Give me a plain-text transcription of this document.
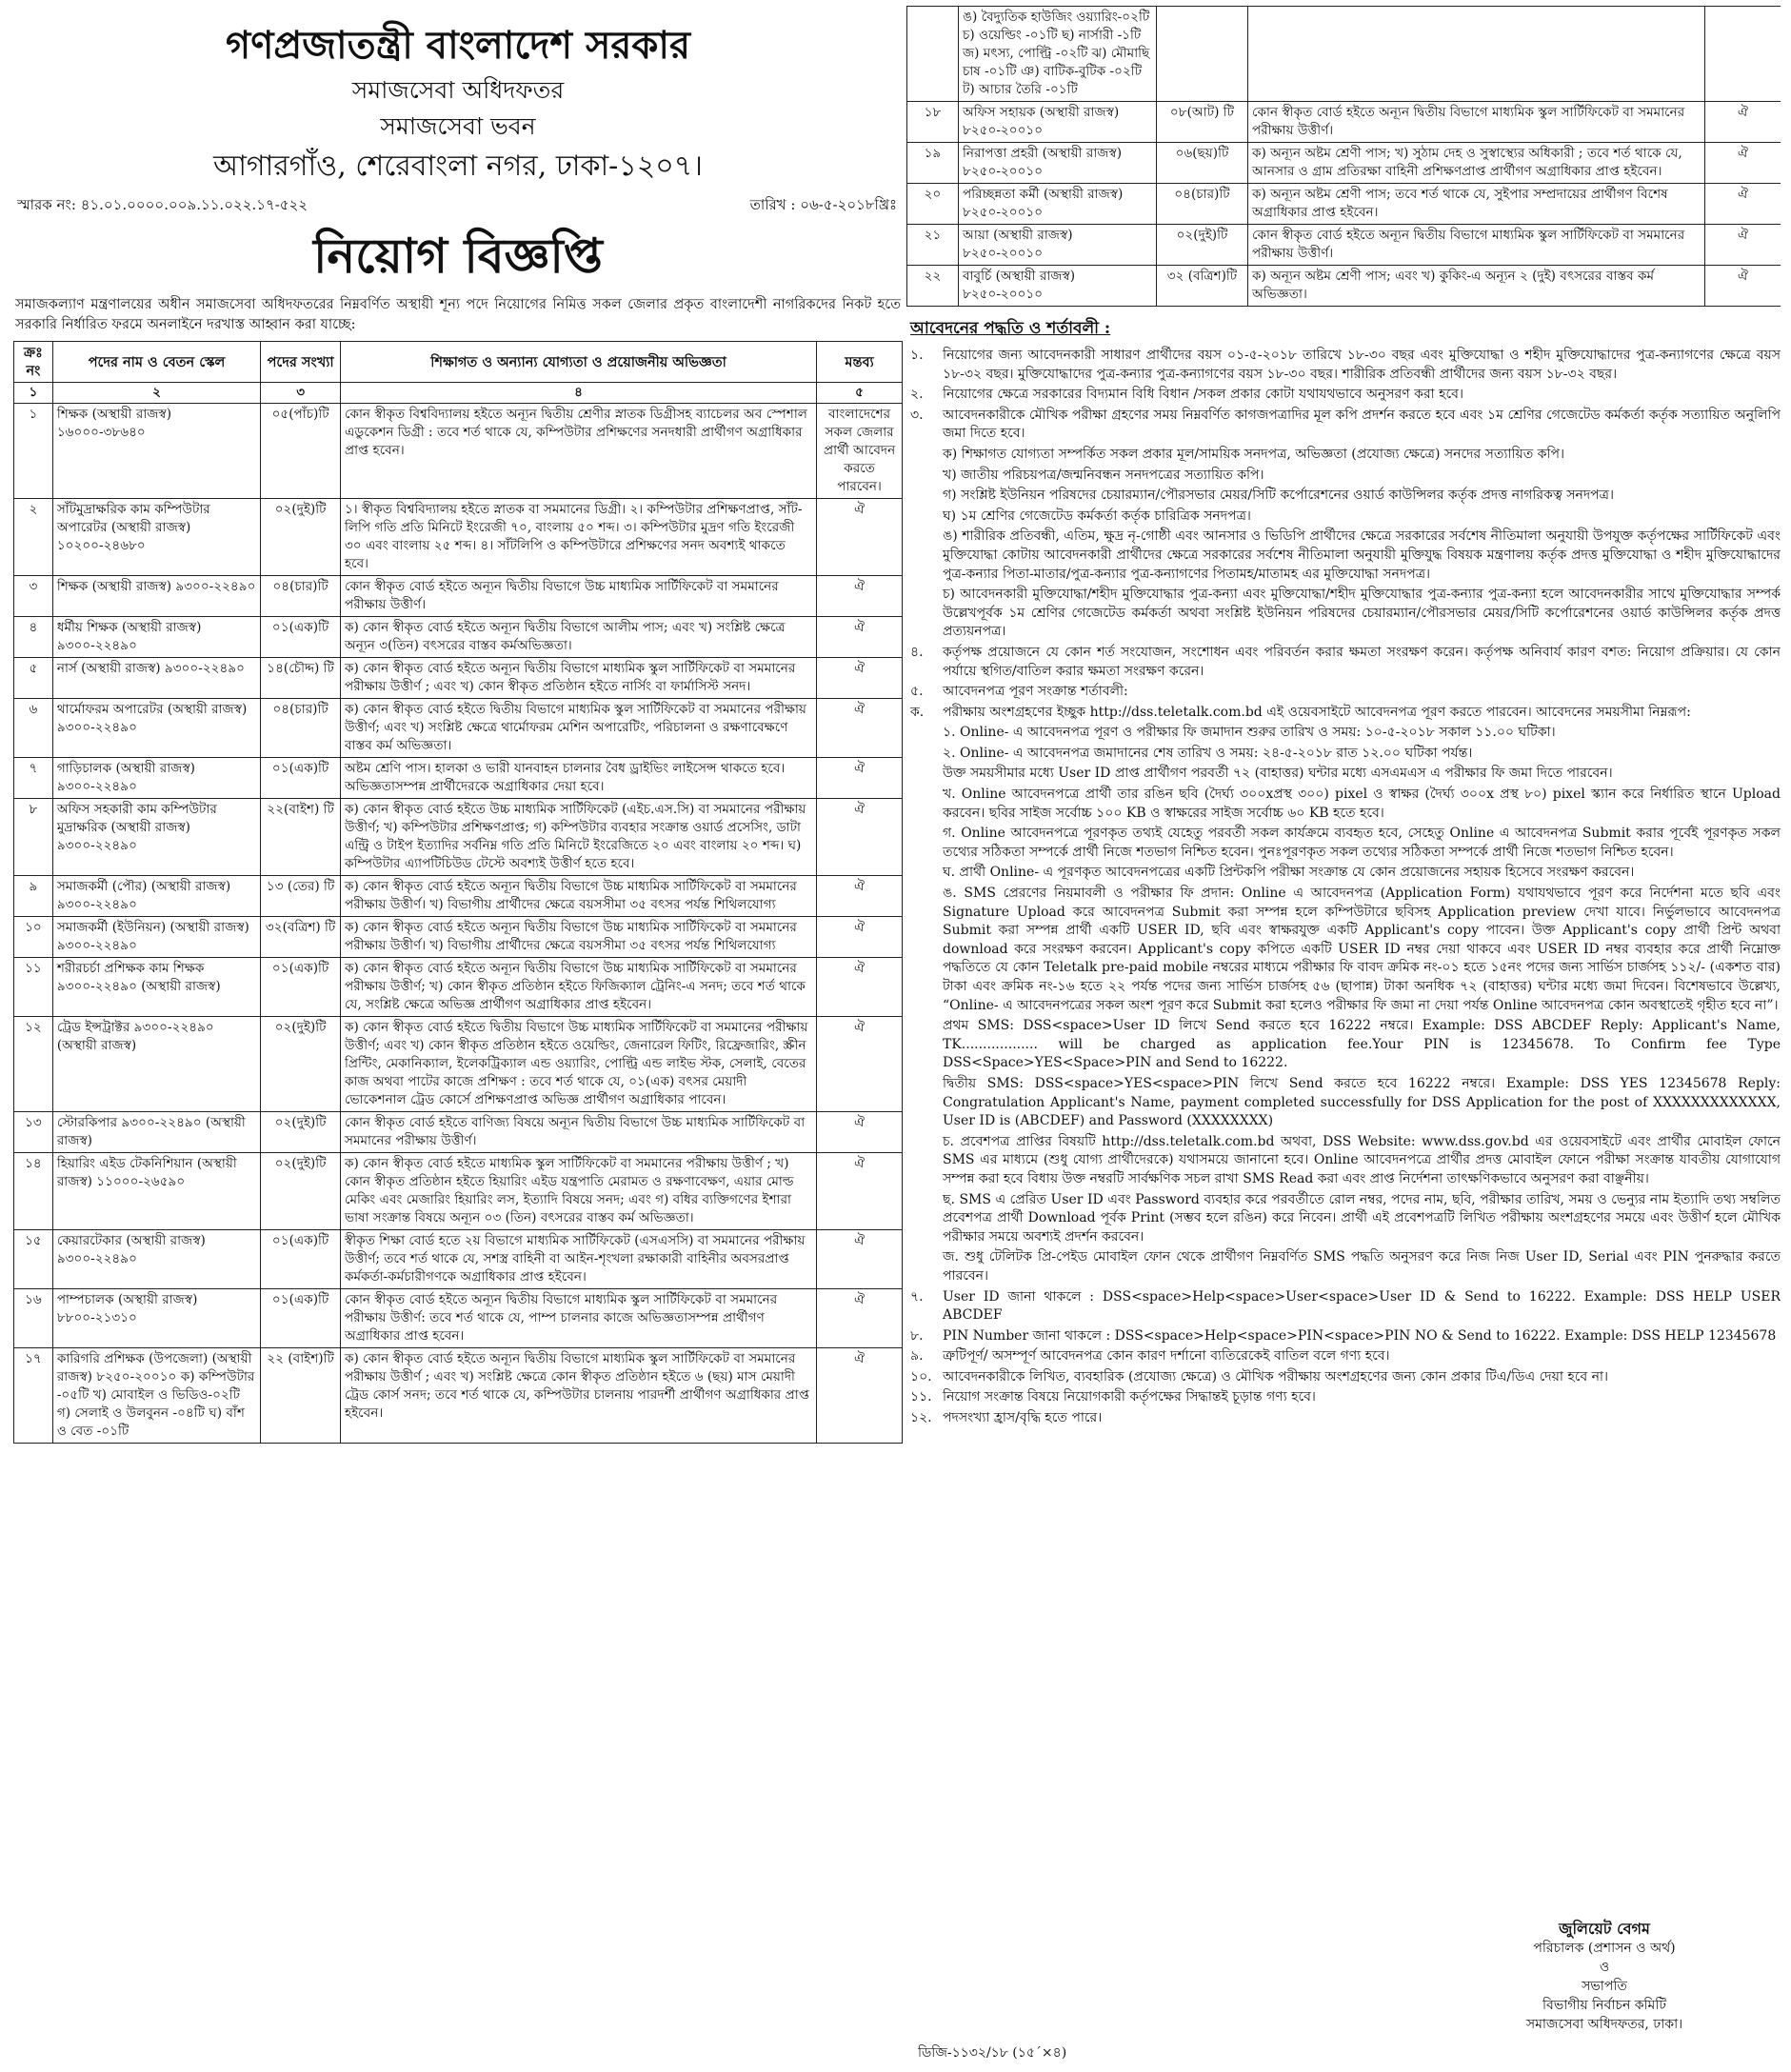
গণপ্রজাতন্ত্রী বাংলাদেশ সরকার
সমাজসেবা অধিদফতর
সমাজসেবা ভবন
আগারগাঁও, শেরেবাংলা নগর, ঢাকা-১২০৭।
স্মারক নং: ৪১.০১.০০০০.০০৯.১১.০২২.১৭-৫২২	তারিখ : ০৬-৫-২০১৮খ্রিঃ
নিয়োগ বিজ্ঞপ্তি
সমাজকল্যাণ মন্ত্রণালয়ের অধীন সমাজসেবা অধিদফতরের নিম্নবর্ণিত অস্থায়ী শূন্য পদে নিয়োগের নিমিত্ত সকল জেলার প্রকৃত বাংলাদেশী নাগরিকদের নিকট হতে সরকারি নির্ধারিত ফরমে অনলাইনে দরখাস্ত আহ্বান করা যাচ্ছে:
ক্রঃ নং	পদের নাম ও বেতন স্কেল	পদের সংখ্যা	শিক্ষাগত ও অন্যান্য যোগ্যতা ও প্রয়োজনীয় অভিজ্ঞতা	মন্তব্য
১	২	৩	৪	৫
১	শিক্ষক (অস্থায়ী রাজস্ব) ১৬০০০-৩৮৬৪০	০৫(পাঁচ)টি	কোন স্বীকৃত বিশ্ববিদ্যালয় হইতে অন্যূন দ্বিতীয় শ্রেণীর স্নাতক ডিগ্রীসহ ব্যাচেলর অব স্পেশাল এডুকেশন ডিগ্রী : তবে শর্ত থাকে যে, কম্পিউটার প্রশিক্ষণের সনদধারী প্রার্থীগণ অগ্রাধিকার প্রাপ্ত হবেন।	বাংলাদেশের সকল জেলার প্রার্থী আবেদন করতে পারবেন।
২	সাঁটমুদ্রাক্ষরিক কাম কম্পিউটার অপারেটর (অস্থায়ী রাজস্ব) ১০২০০-২৪৬৮০	০২(দুই)টি	১। স্বীকৃত বিশ্ববিদ্যালয় হইতে স্নাতক বা সমমানের ডিগ্রী। ২। কম্পিউটার প্রশিক্ষণপ্রাপ্ত, সাঁট-লিপি গতি প্রতি মিনিটে ইংরেজী ৭০, বাংলায় ৫০ শব্দ। ৩। কম্পিউটার মুদ্রণ গতি ইংরেজী ৩০ এবং বাংলায় ২৫ শব্দ। ৪। সাঁটলিপি ও কম্পিউটারে প্রশিক্ষণের সনদ অবশ্যই থাকতে হবে।	ঐ
৩	শিক্ষক (অস্থায়ী রাজস্ব) ৯৩০০-২২৪৯০	০৪(চার)টি	কোন স্বীকৃত বোর্ড হইতে অন্যূন দ্বিতীয় বিভাগে উচ্চ মাধ্যমিক সার্টিফিকেট বা সমমানের পরীক্ষায় উত্তীর্ণ।	ঐ
৪	ধর্মীয় শিক্ষক (অস্থায়ী রাজস্ব) ৯৩০০-২২৪৯০	০১(এক)টি	ক) কোন স্বীকৃত বোর্ড হইতে অন্যূন দ্বিতীয় বিভাগে আলীম পাস; এবং খ) সংশ্লিষ্ট ক্ষেত্রে অন্যূন ৩(তিন) বৎসরের বাস্তব কর্মঅভিজ্ঞতা।	ঐ
৫	নার্স (অস্থায়ী রাজস্ব) ৯৩০০-২২৪৯০	১৪(চৌদ্দ) টি	ক) কোন স্বীকৃত বোর্ড হইতে অন্যূন দ্বিতীয় বিভাগে মাধ্যমিক স্কুল সার্টিফিকেট বা সমমানের পরীক্ষায় উত্তীর্ণ ; এবং খ) কোন স্বীকৃত প্রতিষ্ঠান হইতে নার্সিং বা ফার্মাসিস্ট সনদ।	ঐ
৬	থার্মোফরম অপারেটর (অস্থায়ী রাজস্ব) ৯৩০০-২২৪৯০	০৪(চার)টি	ক) কোন স্বীকৃত বোর্ড হইতে দ্বিতীয় বিভাগে মাধ্যমিক স্কুল সার্টিফিকেট বা সমমানের পরীক্ষায় উত্তীর্ণ; এবং খ) সংশ্লিষ্ট ক্ষেত্রে থার্মোফরম মেশিন অপারেটিং, পরিচালনা ও রক্ষণাবেক্ষণে বাস্তব কর্ম অভিজ্ঞতা।	ঐ
৭	গাড়িচালক (অস্থায়ী রাজস্ব) ৯৩০০-২২৪৯০	০১(এক)টি	অষ্টম শ্রেণি পাস। হালকা ও ভারী যানবাহন চালনার বৈধ ড্রাইভিং লাইসেন্স থাকতে হবে। অভিজ্ঞতাসম্পন্ন প্রার্থীদেরকে অগ্রাধিকার দেয়া হবে।	ঐ
৮	অফিস সহকারী কাম কম্পিউটার মুদ্রাক্ষরিক (অস্থায়ী রাজস্ব) ৯৩০০-২২৪৯০	২২(বাইশ) টি	ক) কোন স্বীকৃত বোর্ড হইতে উচ্চ মাধ্যমিক সার্টিফিকেট (এইচ.এস.সি) বা সমমানের পরীক্ষায় উত্তীর্ণ; খ) কম্পিউটার প্রশিক্ষণপ্রাপ্ত; গ) কম্পিউটার ব্যবহার সংক্রান্ত ওয়ার্ড প্রসেসিং, ডাটা এন্ট্রি ও টাইপ ইত্যাদির সর্বনিম্ন গতি প্রতি মিনিটে ইংরেজিতে ২০ এবং বাংলায় ২০ শব্দ। ঘ) কম্পিউটার এ্যাপটিচিউড টেস্টে অবশ্যই উত্তীর্ণ হতে হবে।	ঐ
৯	সমাজকর্মী (পৌর) (অস্থায়ী রাজস্ব) ৯৩০০-২২৪৯০	১৩ (তের) টি	ক) কোন স্বীকৃত বোর্ড হইতে অন্যূন দ্বিতীয় বিভাগে উচ্চ মাধ্যমিক সার্টিফিকেট বা সমমানের পরীক্ষায় উত্তীর্ণ। খ) বিভাগীয় প্রার্থীদের ক্ষেত্রে বয়সসীমা ৩৫ বৎসর পর্যন্ত শিথিলযোগ্য	ঐ
১০	সমাজকর্মী (ইউনিয়ন) (অস্থায়ী রাজস্ব) ৯৩০০-২২৪৯০	৩২(বত্রিশ) টি	ক) কোন স্বীকৃত বোর্ড হইতে অন্যূন দ্বিতীয় বিভাগে উচ্চ মাধ্যমিক সার্টিফিকেট বা সমমানের পরীক্ষায় উত্তীর্ণ। খ) বিভাগীয় প্রার্থীদের ক্ষেত্রে বয়সসীমা ৩৫ বৎসর পর্যন্ত শিথিলযোগ্য	ঐ
১১	শরীরচর্চা প্রশিক্ষক কাম শিক্ষক ৯৩০০-২২৪৯০ (অস্থায়ী রাজস্ব)	০১(এক)টি	ক) কোন স্বীকৃত বোর্ড হইতে অন্যূন দ্বিতীয় বিভাগে উচ্চ মাধ্যমিক সার্টিফিকেট বা সমমানের পরীক্ষায় উত্তীর্ণ; খ) কোন স্বীকৃত প্রতিষ্ঠান হইতে ফিজিক্যাল ট্রেনিং-এ সনদ; তবে শর্ত থাকে যে, সংশ্লিষ্ট ক্ষেত্রে অভিজ্ঞ প্রার্থীগণ অগ্রাধিকার প্রাপ্ত হইবেন।	ঐ
১২	ট্রেড ইন্সট্রাক্টর ৯৩০০-২২৪৯০ (অস্থায়ী রাজস্ব)	০২(দুই)টি	ক) কোন স্বীকৃত বোর্ড হইতে দ্বিতীয় বিভাগে উচ্চ মাধ্যমিক সার্টিফিকেট বা সমমানের পরীক্ষায় উত্তীর্ণ; এবং খ) কোন স্বীকৃত প্রতিষ্ঠান হইতে ওয়েল্ডিং, জেনারেল ফিটিং, রিফ্রেজারিং, স্ক্রীন প্রিন্টিং, মেকানিক্যাল, ইলেকট্রিক্যাল এন্ড ওয়্যারিং, পোল্ট্রি এন্ড লাইভ স্টক, সেলাই, বেতের কাজ অথবা পাটের কাজে প্রশিক্ষণ : তবে শর্ত থাকে যে, ০১(এক) বৎসর মেয়াদী ভোকেশনাল ট্রেড কোর্সে প্রশিক্ষণপ্রাপ্ত অভিজ্ঞ প্রার্থীগণ অগ্রাধিকার পাবেন।	ঐ
১৩	স্টোরকিপার ৯৩০০-২২৪৯০ (অস্থায়ী রাজস্ব)	০২(দুই)টি	কোন স্বীকৃত বোর্ড হইতে বাণিজ্য বিষয়ে অন্যূন দ্বিতীয় বিভাগে উচ্চ মাধ্যমিক সার্টিফিকেট বা সমমানের পরীক্ষায় উত্তীর্ণ।	ঐ
১৪	হিয়ারিং এইড টেকনিশিয়ান (অস্থায়ী রাজস্ব) ১১০০০-২৬৫৯০	০২(দুই)টি	ক) কোন স্বীকৃত বোর্ড হইতে মাধ্যমিক স্কুল সার্টিফিকেট বা সমমানের পরীক্ষায় উত্তীর্ণ ; খ) কোন স্বীকৃত প্রতিষ্ঠান হইতে হিয়ারিং এইড যন্ত্রপাতি মেরামত ও রক্ষণাবেক্ষণ, এয়ার মোল্ড মেকিং এবং মেজারিং হিয়ারিং লস, ইত্যাদি বিষয়ে সনদ; এবং গ) বধির ব্যক্তিগণের ইশারা ভাষা সংক্রান্ত বিষয়ে অন্যূন ০৩ (তিন) বৎসরের বাস্তব কর্ম অভিজ্ঞতা।	ঐ
১৫	কেয়ারটেকার (অস্থায়ী রাজস্ব) ৯৩০০-২২৪৯০	০১(এক)টি	স্বীকৃত শিক্ষা বোর্ড হতে ২য় বিভাগে মাধ্যমিক সার্টিফিকেট (এসএসসি) বা সমমানের পরীক্ষায় উত্তীর্ণ; তবে শর্ত থাকে যে, সশস্ত্র বাহিনী বা আইন-শৃংখলা রক্ষাকারী বাহিনীর অবসরপ্রাপ্ত কর্মকর্তা-কর্মচারীগণকে অগ্রাধিকার প্রাপ্ত হইবেন।	ঐ
১৬	পাম্পচালক (অস্থায়ী রাজস্ব) ৮৮০০-২১৩১০	০১(এক)টি	কোন স্বীকৃত বোর্ড হইতে অন্যূন দ্বিতীয় বিভাগে মাধ্যমিক স্কুল সার্টিফিকেট বা সমমানের পরীক্ষায় উত্তীর্ণ: তবে শর্ত থাকে যে, পাম্প চালনার কাজে অভিজ্ঞতাসম্পন্ন প্রার্থীগণ অগ্রাধিকার প্রাপ্ত হবেন।	ঐ
১৭	কারিগরি প্রশিক্ষক (উপজেলা) (অস্থায়ী রাজস্ব) ৮২৫০-২০০১০ ক) কম্পিউটার -০৫টি খ) মোবাইল ও ভিডিও-০২টি গ) সেলাই ও উলবুনন -০৪টি ঘ) বাঁশ ও বেত -০১টি	২২ (বাইশ)টি	ক) কোন স্বীকৃত বোর্ড হইতে অন্যূন দ্বিতীয় বিভাগে মাধ্যমিক স্কুল সার্টিফিকেট বা সমমানের পরীক্ষায় উত্তীর্ণ ; এবং খ) সংশ্লিষ্ট ক্ষেত্রে কোন স্বীকৃত প্রতিষ্ঠান হইতে ৬ (ছয়) মাস মেয়াদী ট্রেড কোর্স সনদ; তবে শর্ত থাকে যে, কম্পিউটার চালনায় পারদর্শী প্রার্থীগণ অগ্রাধিকার প্রাপ্ত হইবেন।	ঐ
	ঙ) বৈদ্যুতিক হাউজিং ওয়্যারিং-০২টি চ) ওয়েল্ডিং -০১টি ছ) নার্সারী -১টি জ) মৎস্য, পোল্ট্রি -০২টি ঝ) মৌমাছি চাষ -০১টি ঞ) বাটিক-বুটিক -০২টি ট) আচার তৈরি -০১টি			
১৮	অফিস সহায়ক (অস্থায়ী রাজস্ব) ৮২৫০-২০০১০	০৮(আট) টি	কোন স্বীকৃত বোর্ড হইতে অন্যূন দ্বিতীয় বিভাগে মাধ্যমিক স্কুল সার্টিফিকেট বা সমমানের পরীক্ষায় উত্তীর্ণ।	ঐ
১৯	নিরাপত্তা প্রহরী (অস্থায়ী রাজস্ব) ৮২৫০-২০০১০	০৬(ছয়)টি	ক) অন্যূন অষ্টম শ্রেণী পাস; খ) সুঠাম দেহ ও সুস্বাস্থ্যের অধিকারী ; তবে শর্ত থাকে যে, আনসার ও গ্রাম প্রতিরক্ষা বাহিনী প্রশিক্ষণপ্রাপ্ত প্রার্থীগণ অগ্রাধিকার প্রাপ্ত হইবেন।	ঐ
২০	পরিচ্ছন্নতা কর্মী (অস্থায়ী রাজস্ব) ৮২৫০-২০০১০	০৪(চার)টি	ক) অন্যূন অষ্টম শ্রেণী পাস; তবে শর্ত থাকে যে, সুইপার সম্প্রদায়ের প্রার্থীগণ বিশেষ অগ্রাধিকার প্রাপ্ত হইবেন।	ঐ
২১	আয়া (অস্থায়ী রাজস্ব) ৮২৫০-২০০১০	০২(দুই)টি	কোন স্বীকৃত বোর্ড হইতে অন্যূন দ্বিতীয় বিভাগে মাধ্যমিক স্কুল সার্টিফিকেট বা সমমানের পরীক্ষায় উত্তীর্ণ।	ঐ
২২	বাবুর্চি (অস্থায়ী রাজস্ব) ৮২৫০-২০০১০	৩২ (বত্রিশ)টি	ক) অন্যূন অষ্টম শ্রেণী পাস; এবং খ) কুকিং-এ অন্যূন ২ (দুই) বৎসরের বাস্তব কর্ম অভিজ্ঞতা।	ঐ
আবেদনের পদ্ধতি ও শর্তাবলী :
১.	নিয়োগের জন্য আবেদনকারী সাধারণ প্রার্থীদের বয়স ০১-৫-২০১৮ তারিখে ১৮-৩০ বছর এবং মুক্তিযোদ্ধা ও শহীদ মুক্তিযোদ্ধাদের পুত্র-কন্যাগণের ক্ষেত্রে বয়স ১৮-৩২ বছর। মুক্তিযোদ্ধাদের পুত্র-কন্যার পুত্র-কন্যাগণের বয়স ১৮-৩০ বছর। শারীরিক প্রতিবন্ধী প্রার্থীদের জন্য বয়স ১৮-৩২ বছর।
২.	নিয়োগের ক্ষেত্রে সরকারের বিদ্যমান বিধি বিধান /সকল প্রকার কোটা যথাযথভাবে অনুসরণ করা হবে।
৩.	আবেদনকারীকে মৌখিক পরীক্ষা গ্রহণের সময় নিম্নবর্ণিত কাগজপত্রাদির মূল কপি প্রদর্শন করতে হবে এবং ১ম শ্রেণির গেজেটেড কর্মকর্তা কর্তৃক সত্যায়িত অনুলিপি জমা দিতে হবে।
ক) শিক্ষাগত যোগ্যতা সম্পর্কিত সকল প্রকার মূল/সাময়িক সনদপত্র, অভিজ্ঞতা (প্রযোজ্য ক্ষেত্রে) সনদের সত্যায়িত কপি।
খ) জাতীয় পরিচয়পত্র/জন্মনিবন্ধন সনদপত্রের সত্যায়িত কপি।
গ) সংশ্লিষ্ট ইউনিয়ন পরিষদের চেয়ারম্যান/পৌরসভার মেয়র/সিটি কর্পোরেশনের ওয়ার্ড কাউন্সিলর কর্তৃক প্রদত্ত নাগরিকত্ব সনদপত্র।
ঘ) ১ম শ্রেণির গেজেটেড কর্মকর্তা কর্তৃক চারিত্রিক সনদপত্র।
ঙ) শারীরিক প্রতিবন্ধী, এতিম, ক্ষুদ্র নৃ-গোষ্ঠী এবং আনসার ও ভিডিপি প্রার্থীদের ক্ষেত্রে সরকারের সর্বশেষ নীতিমালা অনুযায়ী উপযুক্ত কর্তৃপক্ষের সার্টিফিকেট এবং মুক্তিযোদ্ধা কোটায় আবেদনকারী প্রার্থীদের ক্ষেত্রে সরকারের সর্বশেষ নীতিমালা অনুযায়ী মুক্তিযুদ্ধ বিষয়ক মন্ত্রণালয় কর্তৃক প্রদত্ত মুক্তিযোদ্ধা ও শহীদ মুক্তিযোদ্ধাদের পুত্র-কন্যার পিতা-মাতার/পুত্র-কন্যার পুত্র-কন্যাগণের পিতামহ/মাতামহ এর মুক্তিযোদ্ধা সনদপত্র।
চ) আবেদনকারী মুক্তিযোদ্ধা/শহীদ মুক্তিযোদ্ধার পুত্র-কন্যা এবং মুক্তিযোদ্ধা/শহীদ মুক্তিযোদ্ধার পুত্র-কন্যার পুত্র-কন্যা হলে আবেদনকারীর সাথে মুক্তিযোদ্ধার সম্পর্ক উল্লেখপূর্বক ১ম শ্রেণির গেজেটেড কর্মকর্তা অথবা সংশ্লিষ্ট ইউনিয়ন পরিষদের চেয়ারম্যান/পৌরসভার মেয়র/সিটি কর্পোরেশনের ওয়ার্ড কাউন্সিলর কর্তৃক প্রদত্ত প্রত্যয়নপত্র।
৪.	কর্তৃপক্ষ প্রয়োজনে যে কোন শর্ত সংযোজন, সংশোধন এবং পরিবর্তন করার ক্ষমতা সংরক্ষণ করেন। কর্তৃপক্ষ অনিবার্য কারণ বশত: নিয়োগ প্রক্রিয়ার। যে কোন পর্যায়ে স্থগিত/বাতিল করার ক্ষমতা সংরক্ষণ করেন।
৫.	আবেদনপত্র পূরণ সংক্রান্ত শর্তাবলী:
ক.	পরীক্ষায় অংশগ্রহণের ইচ্ছুক http://dss.teletalk.com.bd এই ওয়েবসাইটে আবেদনপত্র পূরণ করতে পারবেন। আবেদনের সময়সীমা নিম্নরূপ:
১. Online- এ আবেদনপত্র পূরণ ও পরীক্ষার ফি জমাদান শুরুর তারিখ ও সময়: ১০-৫-২০১৮ সকাল ১১.০০ ঘটিকা।
২. Online- এ আবেদনপত্র জমাদানের শেষ তারিখ ও সময়: ২৪-৫-২০১৮ রাত ১২.০০ ঘটিকা পর্যন্ত।
উক্ত সময়সীমার মধ্যে User ID প্রাপ্ত প্রার্থীগণ পরবর্তী ৭২ (বাহাত্তর) ঘন্টার মধ্যে এসএমএস এ পরীক্ষার ফি জমা দিতে পারবেন।
খ. Online আবেদনপত্রে প্রার্থী তার রঙিন ছবি (দৈর্ঘ্য ৩০০xপ্রস্থ ৩০০) pixel ও স্বাক্ষর (দৈর্ঘ্য ৩০০x প্রস্থ ৮০) pixel স্ক্যান করে নির্ধারিত স্থানে Upload করবেন। ছবির সাইজ সর্বোচ্চ ১০০ KB ও স্বাক্ষরের সাইজ সর্বোচ্চ ৬০ KB হতে হবে।
গ. Online আবেদনপত্রে পূরণকৃত তথ্যই যেহেতু পরবর্তী সকল কার্যক্রমে ব্যবহৃত হবে, সেহেতু Online এ আবেদনপত্র Submit করার পূর্বেই পূরণকৃত সকল তথ্যের সঠিকতা সম্পর্কে প্রার্থী নিজে শতভাগ নিশ্চিত হবেন। পুনঃপূরণকৃত সকল তথ্যের সঠিকতা সম্পর্কে প্রার্থী নিজে শতভাগ নিশ্চিত হবেন।
ঘ. প্রার্থী Online- এ পূরণকৃত আবেদনপত্রের একটি প্রিন্টকপি পরীক্ষা সংক্রান্ত যে কোন প্রয়োজনের সহায়ক হিসেবে সংরক্ষণ করবেন।
ঙ. SMS প্রেরণের নিয়মাবলী ও পরীক্ষার ফি প্রদান: Online এ আবেদনপত্র (Application Form) যথাযথভাবে পূরণ করে নির্দেশনা মতে ছবি এবং Signature Upload করে আবেদনপত্র Submit করা সম্পন্ন হলে কম্পিউটারে ছবিসহ Application preview দেখা যাবে। নির্ভুলভাবে আবেদনপত্র Submit করা সম্পন্ন প্রার্থী একটি USER ID, ছবি এবং স্বাক্ষরযুক্ত একটি Applicant's copy পাবেন। উক্ত Applicant's copy প্রার্থী প্রিন্ট অথবা download করে সংরক্ষণ করবেন। Applicant's copy কপিতে একটি USER ID নম্বর দেয়া থাকবে এবং USER ID নম্বর ব্যবহার করে প্রার্থী নিম্নোক্ত পদ্ধতিতে যে কোন Teletalk pre-paid mobile নম্বরের মাধ্যমে পরীক্ষার ফি বাবদ ক্রমিক নং-০১ হতে ১৫নং পদের জন্য সার্ভিস চার্জসহ ১১২/- (একশত বার) টাকা এবং ক্রমিক নং-১৬ হতে ২২ পর্যন্ত পদের জন্য সার্ভিস চার্জসহ ৫৬ (ছাপান্ন) টাকা অনধিক ৭২ (বাহাত্তর) ঘন্টার মধ্যে জমা দিবেন। বিশেষভাবে উল্লেখ্য, “Online- এ আবেদনপত্রের সকল অংশ পূরণ করে Submit করা হলেও পরীক্ষার ফি জমা না দেয়া পর্যন্ত Online আবেদনপত্র কোন অবস্থাতেই গৃহীত হবে না”।
প্রথম SMS: DSS<space>User ID লিখে Send করতে হবে 16222 নম্বরে। Example: DSS ABCDEF Reply: Applicant's Name, TK.................. will be charged as application fee.Your PIN is 12345678. To Confirm fee Type DSS<Space>YES<Space>PIN and Send to 16222.
দ্বিতীয় SMS: DSS<space>YES<space>PIN লিখে Send করতে হবে 16222 নম্বরে। Example: DSS YES 12345678 Reply: Congratulation Applicant's Name, payment completed successfully for DSS Application for the post of XXXXXXXXXXXXX, User ID is (ABCDEF) and Password (XXXXXXXX)
চ. প্রবেশপত্র প্রাপ্তির বিষয়টি http://dss.teletalk.com.bd অথবা, DSS Website: www.dss.gov.bd এর ওয়েবসাইটে এবং প্রার্থীর মোবাইল ফোনে SMS এর মাধ্যমে (শুধু যোগ্য প্রার্থীদেরকে) যথাসময়ে জানানো হবে। Online আবেদনপত্রে প্রার্থীর প্রদত্ত মোবাইল ফোনে পরীক্ষা সংক্রান্ত যাবতীয় যোগাযোগ সম্পন্ন করা হবে বিধায় উক্ত নম্বরটি সার্বক্ষণিক সচল রাখা SMS Read করা এবং প্রাপ্ত নির্দেশনা তাৎক্ষণিকভাবে অনুসরণ করা বাঞ্ছনীয়।
ছ. SMS এ প্রেরিত User ID এবং Password ব্যবহার করে পরবর্তীতে রোল নম্বর, পদের নাম, ছবি, পরীক্ষার তারিখ, সময় ও ভেন্যুর নাম ইত্যাদি তথ্য সম্বলিত প্রবেশপত্র প্রার্থী Download পূর্বক Print (সম্ভব হলে রঙিন) করে নিবেন। প্রার্থী এই প্রবেশপত্রটি লিখিত পরীক্ষায় অংশগ্রহণের সময়ে এবং উত্তীর্ণ হলে মৌখিক পরীক্ষার সময়ে অবশ্যই প্রদর্শন করবেন।
জ. শুধু টেলিটক প্রি-পেইড মোবাইল ফোন থেকে প্রার্থীগণ নিম্নবর্ণিত SMS পদ্ধতি অনুসরণ করে নিজ নিজ User ID, Serial এবং PIN পুনরুদ্ধার করতে পারবেন।
৭.	User ID জানা থাকলে : DSS<space>Help<space>User<space>User ID & Send to 16222. Example: DSS HELP USER ABCDEF
৮.	PIN Number জানা থাকলে : DSS<space>Help<space>PIN<space>PIN NO & Send to 16222. Example: DSS HELP 12345678
৯.	ত্রুটিপূর্ণ/ অসম্পূর্ণ আবেদনপত্র কোন কারণ দর্শানো ব্যতিরেকেই বাতিল বলে গণ্য হবে।
১০. আবেদনকারীকে লিখিত, ব্যবহারিক (প্রযোজ্য ক্ষেত্রে) ও মৌখিক পরীক্ষায় অংশগ্রহণের জন্য কোন প্রকার টিএ/ডিএ দেয়া হবে না।
১১. নিয়োগ সংক্রান্ত বিষয়ে নিয়োগকারী কর্তৃপক্ষের সিদ্ধান্তই চূড়ান্ত গণ্য হবে।
১২. পদসংখ্যা হ্রাস/বৃদ্ধি হতে পারে।
জুলিয়েট বেগম
পরিচালক (প্রশাসন ও অর্থ)
ও
সভাপতি
বিভাগীয় নির্বাচন কমিটি
সমাজসেবা অধিদফতর, ঢাকা।
ডিজি-১১৩২/১৮ (১৫´×৪)
